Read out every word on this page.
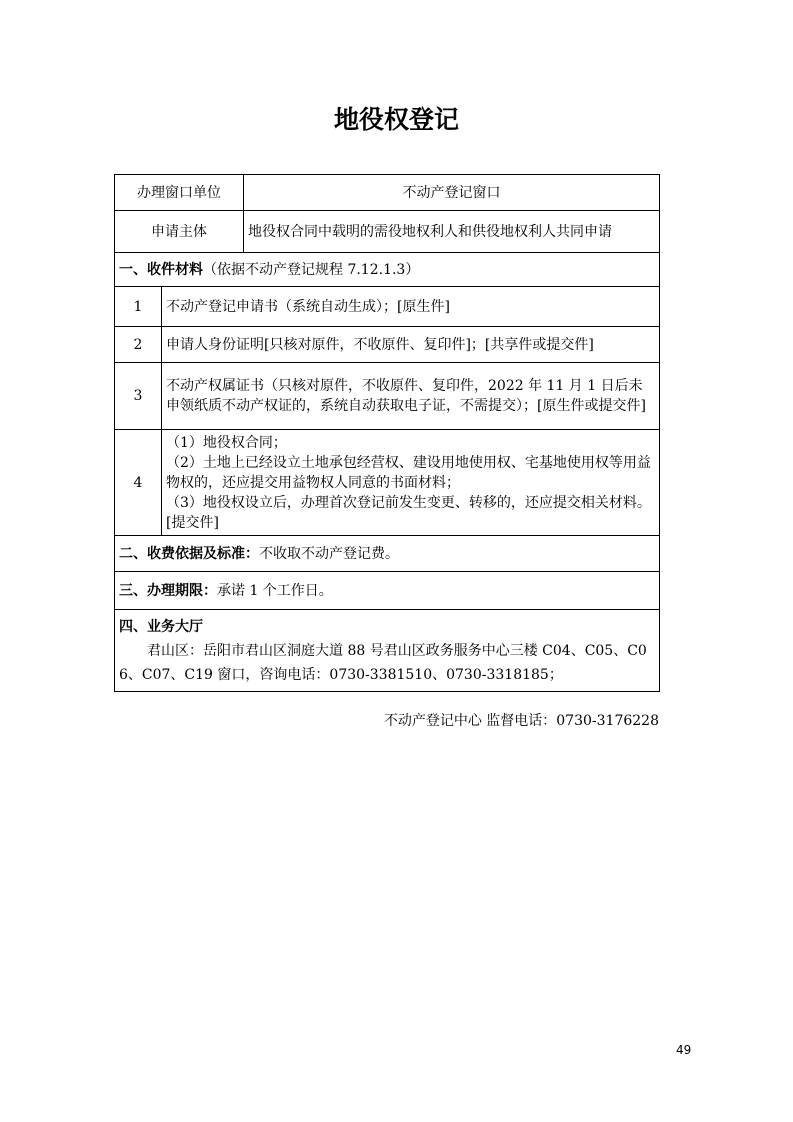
地役权登记
办理窗口单位		不动产登记窗口
申请主体		地役权合同中载明的需役地权利人和供役地权利人共同申请
一、收件材料（依据不动产登记规程 7.12.1.3）		
1	不动产登记申请书（系统自动生成）；[原生件]	
2	申请人身份证明[只核对原件，不收原件、复印件]；[共享件或提交件]	
3	不动产权属证书（只核对原件，不收原件、复印件，2022 年 11 月 1 日后未申领纸质不动产权证的，系统自动获取电子证，不需提交）；[原生件或提交件]	
4	（1）地役权合同；
（2）土地上已经设立土地承包经营权、建设用地使用权、宅基地使用权等用益物权的，还应提交用益物权人同意的书面材料；
（3）地役权设立后，办理首次登记前发生变更、转移的，还应提交相关材料。[提交件]	

二、收费依据及标准：不收取不动产登记费。		
三、办理期限：承诺 1 个工作日。		

四、业务大厅
君山区：岳阳市君山区洞庭大道 88 号君山区政务服务中心三楼 C04、C05、C06、C07、C19 窗口，咨询电话：0730-3381510、0730-3318185；		
不动产登记中心 监督电话：0730-3176228
49
